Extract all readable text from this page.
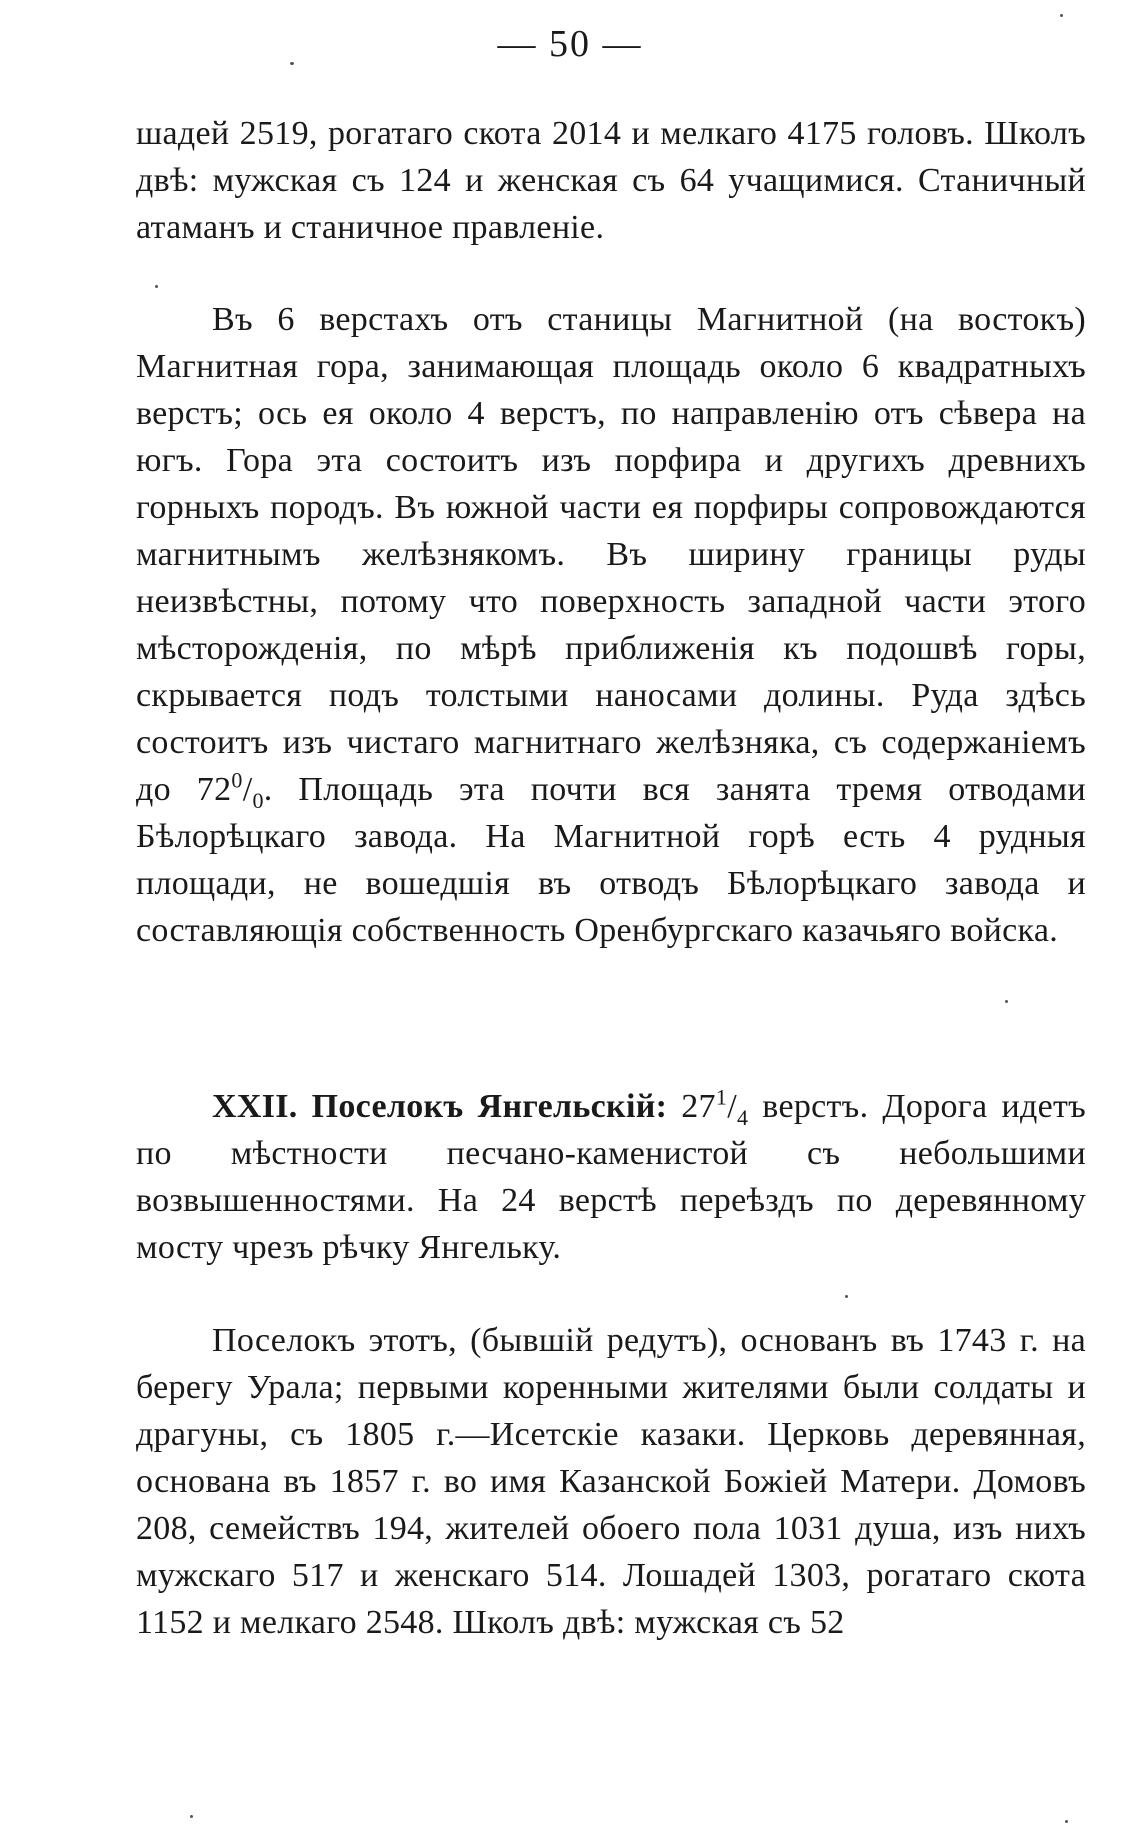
— 50 —

шадей 2519, рогатаго скота 2014 и мелкаго 4175 головъ. Школъ двѣ: мужская съ 124 и женская съ 64 учащимися. Станичный атаманъ и станичное правленіе.

Въ 6 верстахъ отъ станицы Магнитной (на востокъ) Магнитная гора, занимающая площадь около 6 квадратныхъ верстъ; ось ея около 4 верстъ, по направленію отъ сѣвера на югъ. Гора эта состоитъ изъ порфира и другихъ древнихъ горныхъ породъ. Въ южной части ея порфиры сопровождаются магнитнымъ желѣзнякомъ. Въ ширину границы руды неизвѣстны, потому что поверхность западной части этого мѣсторожденія, по мѣрѣ приближенія къ подошвѣ горы, скрывается подъ толстыми наносами долины. Руда здѣсь состоитъ изъ чистаго магнитнаго желѣзняка, съ содержаніемъ до $72^0/_0$. Площадь эта почти вся занята тремя отводами Бѣлорѣцкаго завода. На Магнитной горѣ есть 4 рудныя площади, не вошедшія въ отводъ Бѣлорѣцкаго завода и составляющія собственность Оренбургскаго казачьяго войска.

XXII. Поселокъ Янгельскій: $27^1/_4$ верстъ. Дорога идетъ по мѣстности песчано-каменистой съ небольшими возвышенностями. На 24 верстѣ переѣздъ по деревянному мосту чрезъ рѣчку Янгельку.

Поселокъ этотъ, (бывшій редутъ), основанъ въ 1743 г. на берегу Урала; первыми коренными жителями были солдаты и драгуны, съ 1805 г.—Исетскіе казаки. Церковь деревянная, основана въ 1857 г. во имя Казанской Божіей Матери. Домовъ 208, семействъ 194, жителей обоего пола 1031 душа, изъ нихъ мужскаго 517 и женскаго 514. Лошадей 1303, рогатаго скота 1152 и мелкаго 2548. Школъ двѣ: мужская съ 52
